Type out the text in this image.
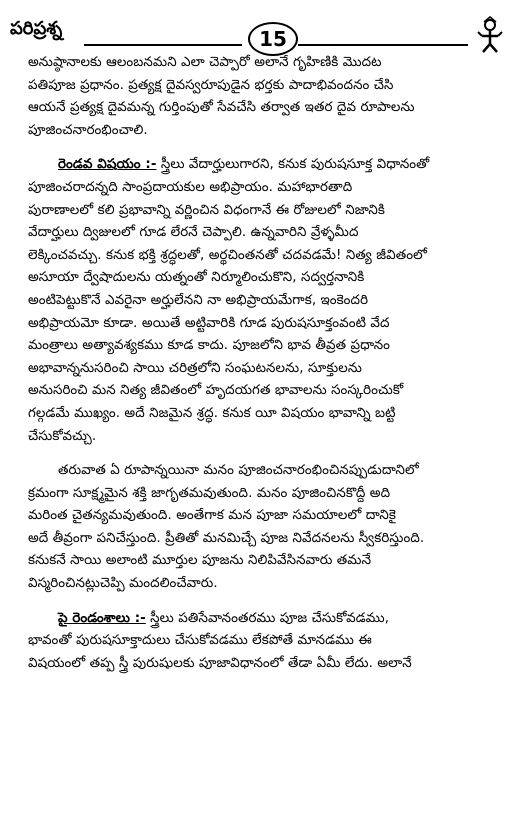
పరిప్రశ్న	15

అనుష్ఠానాలకు ఆలంబనమని ఎలా చెప్పారో అలానే గృహిణికి మొదట
పతిపూజ ప్రధానం. ప్రత్యక్ష దైవస్వరూపుడైన భర్తకు పాదాభివందనం చేసి
ఆయనే ప్రత్యక్ష దైవమన్న గుర్తింపుతో సేవచేసి తర్వాత ఇతర దైవ రూపాలను
పూజించనారంభించాలి.

రెండవ విషయం :- స్త్రీలు వేదార్హులుగారని, కనుక పురుషసూక్త విధానంతో
పూజించరాదన్నది సాంప్రదాయకుల అభిప్రాయం. మహాభారతాది
పురాణాలలో కలి ప్రభావాన్ని వర్ణించిన విధంగానే ఈ రోజులలో నిజానికి
వేదార్హులు ద్విజులలో గూడ లేరనే చెప్పాలి. ఉన్నవారిని వ్రేళ్ళమీద
లెక్కించవచ్చు. కనుక భక్తి శ్రద్ధలతో, అర్థచింతనతో చదవడమే! నిత్య జీవితంలో
అసూయా ద్వేషాదులను యత్నంతో నిర్మూలించుకొని, సద్వర్తనానికి
అంటిపెట్టుకొనే ఎవరైనా అర్హులేనని నా అభిప్రాయమేగాక, ఇంకెందరి
అభిప్రాయమో కూడా. అయితే అట్టివారికి గూడ పురుషసూక్తంవంటి వేద
మంత్రాలు అత్యావశ్యకము కూడ కాదు. పూజలోని భావ తీవ్రత ప్రధానం
అభావాన్ననుసరించి సాయి చరిత్రలోని సంఘటనలను, సూక్తులను
అనుసరించి మన నిత్య జీవితంలో హృదయగత భావాలను సంస్కరించుకో
గల్గడమే ముఖ్యం. అదే నిజమైన శ్రద్ధ. కనుక యీ విషయం భావాన్ని బట్టి
చేసుకోవచ్చు.

తరువాత ఏ రూపాన్నయినా మనం పూజించనారంభించినప్పుడుదానిలో
క్రమంగా సూక్ష్మమైన శక్తి జాగృతమవుతుంది. మనం పూజించినకొద్దీ అది
మరింత చైతన్యమవుతుంది. అంతేగాక మన పూజా సమయాలలో దానికై
అదే తీవ్రంగా పనిచేస్తుంది. ప్రీతితో మనమిచ్చే పూజ నివేదనలను స్వీకరిస్తుంది.
కనుకనే సాయి అలాంటి మూర్తుల పూజను నిలిపివేసినవారు తమనే
విస్మరించినట్లుచెప్పి మందలించేవారు.

పై రెండంశాలు :- స్త్రీలు పతిసేవానంతరము పూజ చేసుకోవడము,
భావంతో పురుషసూక్తాదులు చేసుకోవడము లేకపోతే మానడము ఈ
విషయంలో తప్ప స్త్రీ పురుషులకు పూజావిధానంలో తేడా ఏమీ లేదు. అలానే
